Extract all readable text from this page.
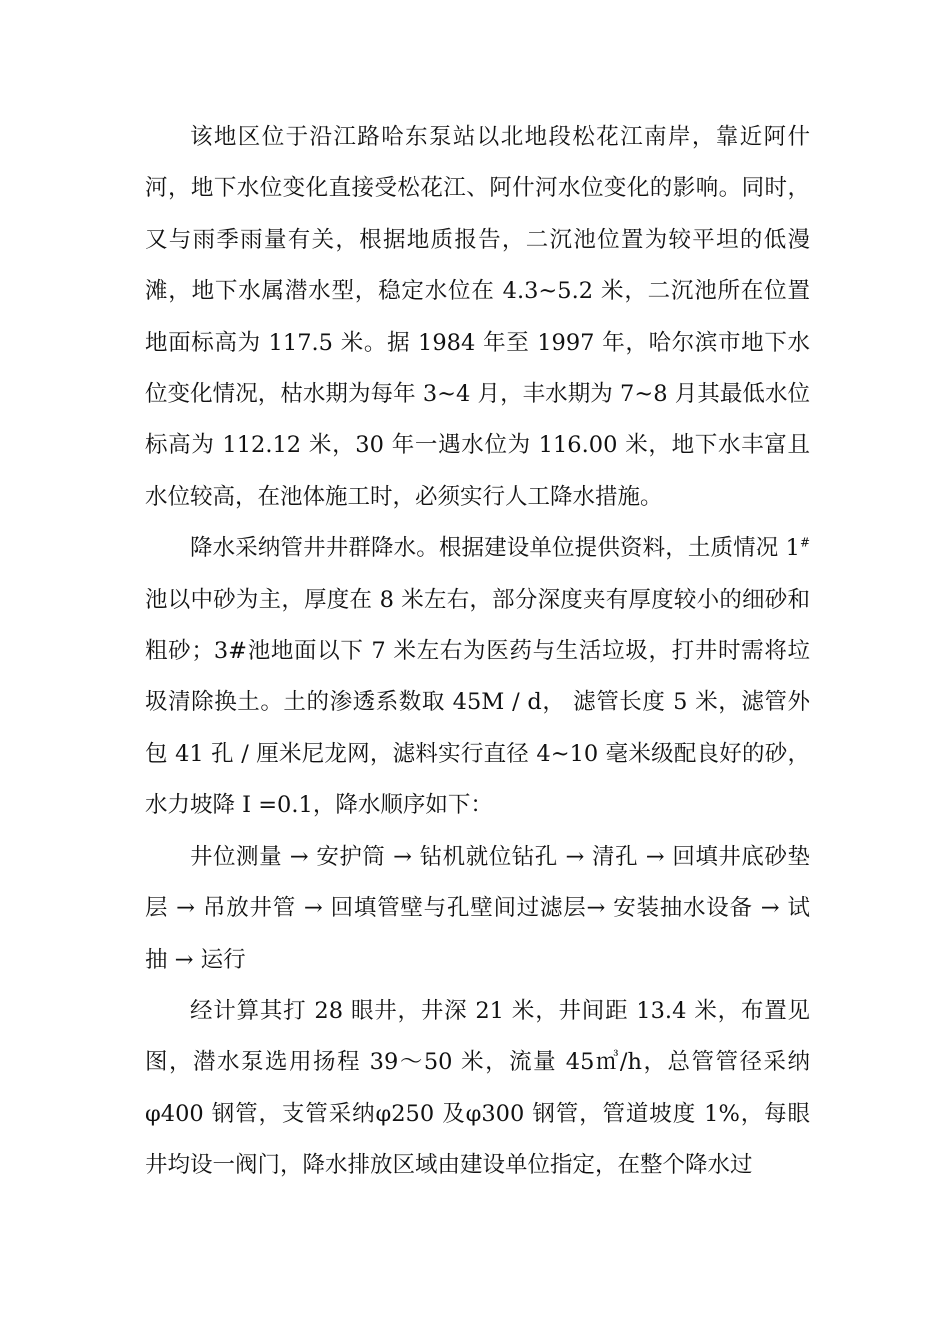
该地区位于沿江路哈东泵站以北地段松花江南岸，靠近阿什河，地下水位变化直接受松花江、阿什河水位变化的影响。同时，又与雨季雨量有关，根据地质报告，二沉池位置为较平坦的低漫滩，地下水属潜水型，稳定水位在 4.3~5.2 米，二沉池所在位置地面标高为 117.5 米。据 1984 年至 1997 年，哈尔滨市地下水位变化情况，枯水期为每年 3~4 月，丰水期为 7~8 月其最低水位标高为 112.12 米，30 年一遇水位为 116.00 米，地下水丰富且水位较高，在池体施工时，必须实行人工降水措施。

降水采纳管井井群降水。根据建设单位提供资料，土质情况 1#池以中砂为主，厚度在 8 米左右，部分深度夹有厚度较小的细砂和粗砂；3#池地面以下 7 米左右为医药与生活垃圾，打井时需将垃圾清除换土。土的渗透系数取 45M / d， 滤管长度 5 米，滤管外包 41 孔 / 厘米尼龙网，滤料实行直径 4~10 毫米级配良好的砂，水力坡降 I =0.1，降水顺序如下：

井位测量 → 安护筒 → 钻机就位钻孔 → 清孔 → 回填井底砂垫层 → 吊放井管 → 回填管壁与孔壁间过滤层→ 安装抽水设备 → 试抽 → 运行

经计算其打 28 眼井，井深 21 米，井间距 13.4 米，布置见图，潜水泵选用扬程 39～50 米，流量 45㎥/h，总管管径采纳φ400 钢管，支管采纳φ250 及φ300 钢管，管道坡度 1%，每眼井均设一阀门，降水排放区域由建设单位指定，在整个降水过
